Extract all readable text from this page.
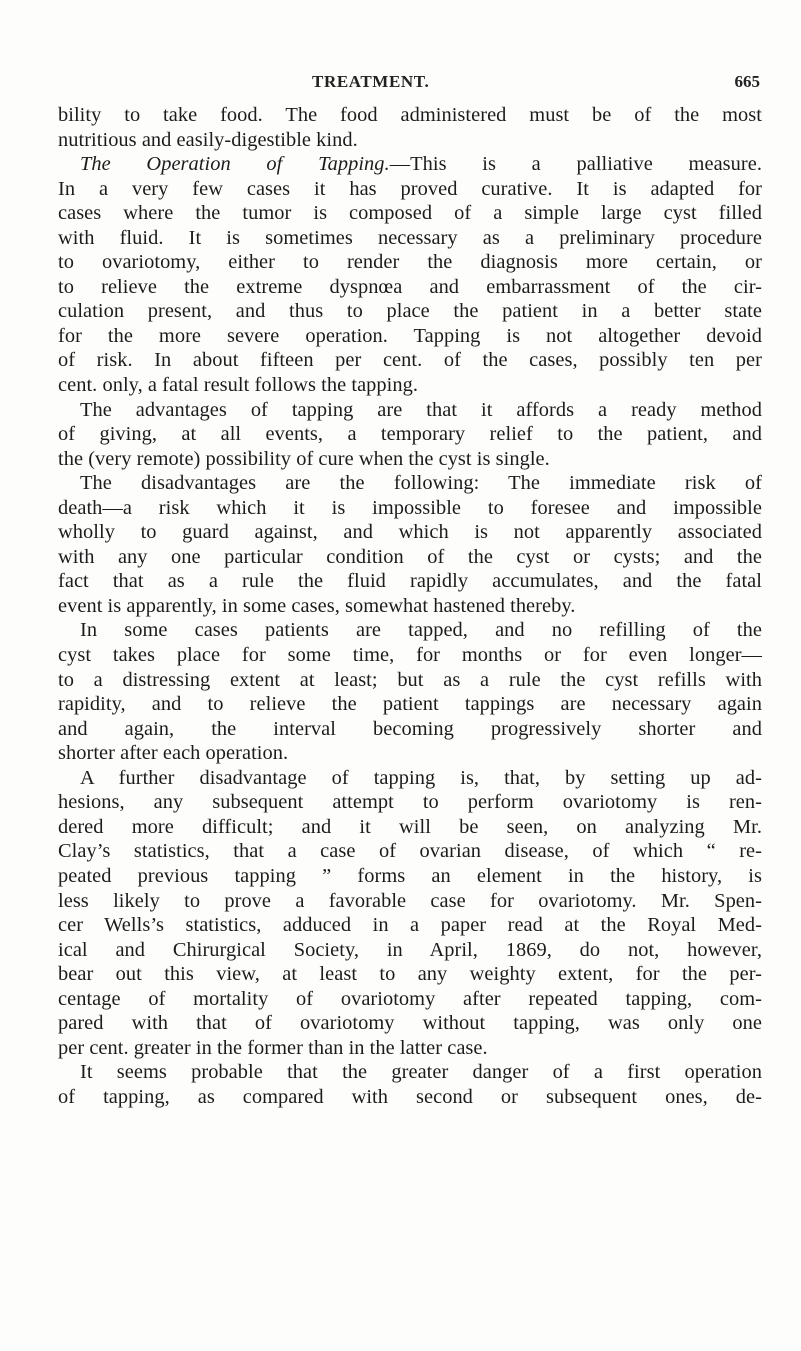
TREATMENT.	665
bility to take food. The food administered must be of the most
nutritious and easily-digestible kind.
The Operation of Tapping.—This is a palliative measure.
In a very few cases it has proved curative. It is adapted for
cases where the tumor is composed of a simple large cyst filled
with fluid. It is sometimes necessary as a preliminary procedure
to ovariotomy, either to render the diagnosis more certain, or
to relieve the extreme dyspnœa and embarrassment of the cir-
culation present, and thus to place the patient in a better state
for the more severe operation. Tapping is not altogether devoid
of risk. In about fifteen per cent. of the cases, possibly ten per
cent. only, a fatal result follows the tapping.
The advantages of tapping are that it affords a ready method
of giving, at all events, a temporary relief to the patient, and
the (very remote) possibility of cure when the cyst is single.
The disadvantages are the following: The immediate risk of
death—a risk which it is impossible to foresee and impossible
wholly to guard against, and which is not apparently associated
with any one particular condition of the cyst or cysts; and the
fact that as a rule the fluid rapidly accumulates, and the fatal
event is apparently, in some cases, somewhat hastened thereby.
In some cases patients are tapped, and no refilling of the
cyst takes place for some time, for months or for even longer—
to a distressing extent at least; but as a rule the cyst refills with
rapidity, and to relieve the patient tappings are necessary again
and again, the interval becoming progressively shorter and
shorter after each operation.
A further disadvantage of tapping is, that, by setting up ad-
hesions, any subsequent attempt to perform ovariotomy is ren-
dered more difficult; and it will be seen, on analyzing Mr.
Clay’s statistics, that a case of ovarian disease, of which “ re-
peated previous tapping ” forms an element in the history, is
less likely to prove a favorable case for ovariotomy. Mr. Spen-
cer Wells’s statistics, adduced in a paper read at the Royal Med-
ical and Chirurgical Society, in April, 1869, do not, however,
bear out this view, at least to any weighty extent, for the per-
centage of mortality of ovariotomy after repeated tapping, com-
pared with that of ovariotomy without tapping, was only one
per cent. greater in the former than in the latter case.
It seems probable that the greater danger of a first operation
of tapping, as compared with second or subsequent ones, de-
